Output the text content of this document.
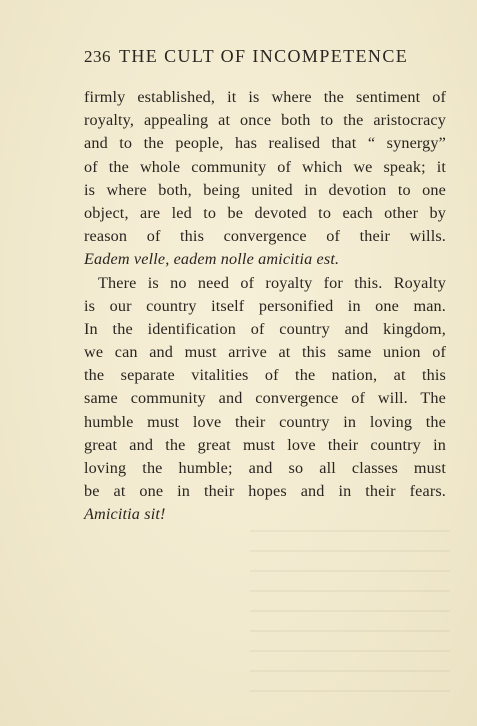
236 THE CULT OF INCOMPETENCE
firmly established, it is where the sentiment of
royalty, appealing at once both to the aristocracy
and to the people, has realised that “ synergy”
of the whole community of which we speak; it
is where both, being united in devotion to one
object, are led to be devoted to each other by
reason of this convergence of their wills.
Eadem velle, eadem nolle amicitia est.
There is no need of royalty for this. Royalty
is our country itself personified in one man.
In the identification of country and kingdom,
we can and must arrive at this same union of
the separate vitalities of the nation, at this
same community and convergence of will. The
humble must love their country in loving the
great and the great must love their country in
loving the humble; and so all classes must
be at one in their hopes and in their fears.
Amicitia sit!
